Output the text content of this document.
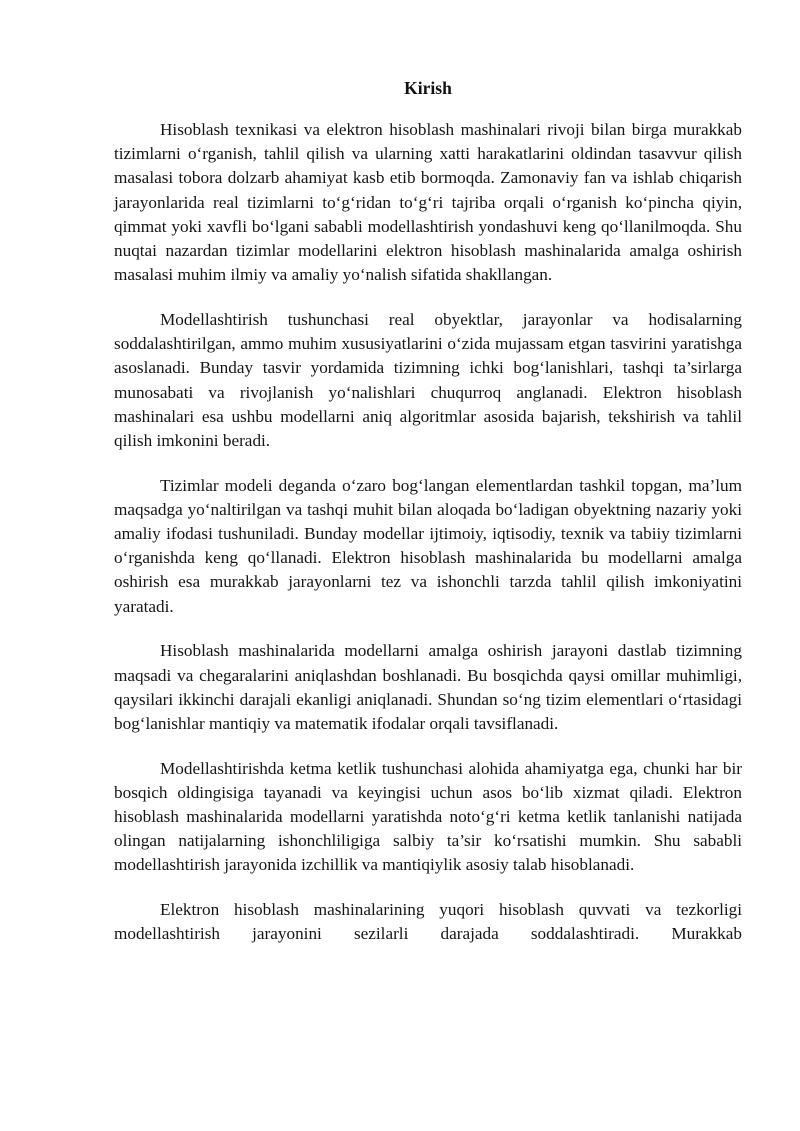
Kirish

Hisoblash texnikasi va elektron hisoblash mashinalari rivoji bilan birga murakkab tizimlarni o‘rganish, tahlil qilish va ularning xatti harakatlarini oldindan tasavvur qilish masalasi tobora dolzarb ahamiyat kasb etib bormoqda. Zamonaviy fan va ishlab chiqarish jarayonlarida real tizimlarni to‘g‘ridan to‘g‘ri tajriba orqali o‘rganish ko‘pincha qiyin, qimmat yoki xavfli bo‘lgani sababli modellashtirish yondashuvi keng qo‘llanilmoqda. Shu nuqtai nazardan tizimlar modellarini elektron hisoblash mashinalarida amalga oshirish masalasi muhim ilmiy va amaliy yo‘nalish sifatida shakllangan.

Modellashtirish tushunchasi real obyektlar, jarayonlar va hodisalarning soddalashtirilgan, ammo muhim xususiyatlarini o‘zida mujassam etgan tasvirini yaratishga asoslanadi. Bunday tasvir yordamida tizimning ichki bog‘lanishlari, tashqi ta’sirlarga munosabati va rivojlanish yo‘nalishlari chuqurroq anglanadi. Elektron hisoblash mashinalari esa ushbu modellarni aniq algoritmlar asosida bajarish, tekshirish va tahlil qilish imkonini beradi.

Tizimlar modeli deganda o‘zaro bog‘langan elementlardan tashkil topgan, ma’lum maqsadga yo‘naltirilgan va tashqi muhit bilan aloqada bo‘ladigan obyektning nazariy yoki amaliy ifodasi tushuniladi. Bunday modellar ijtimoiy, iqtisodiy, texnik va tabiiy tizimlarni o‘rganishda keng qo‘llanadi. Elektron hisoblash mashinalarida bu modellarni amalga oshirish esa murakkab jarayonlarni tez va ishonchli tarzda tahlil qilish imkoniyatini yaratadi.

Hisoblash mashinalarida modellarni amalga oshirish jarayoni dastlab tizimning maqsadi va chegaralarini aniqlashdan boshlanadi. Bu bosqichda qaysi omillar muhimligi, qaysilari ikkinchi darajali ekanligi aniqlanadi. Shundan so‘ng tizim elementlari o‘rtasidagi bog‘lanishlar mantiqiy va matematik ifodalar orqali tavsiflanadi.

Modellashtirishda ketma ketlik tushunchasi alohida ahamiyatga ega, chunki har bir bosqich oldingisiga tayanadi va keyingisi uchun asos bo‘lib xizmat qiladi. Elektron hisoblash mashinalarida modellarni yaratishda noto‘g‘ri ketma ketlik tanlanishi natijada olingan natijalarning ishonchliligiga salbiy ta’sir ko‘rsatishi mumkin. Shu sababli modellashtirish jarayonida izchillik va mantiqiylik asosiy talab hisoblanadi.

Elektron hisoblash mashinalarining yuqori hisoblash quvvati va tezkorligi modellashtirish jarayonini sezilarli darajada soddalashtiradi. Murakkab
